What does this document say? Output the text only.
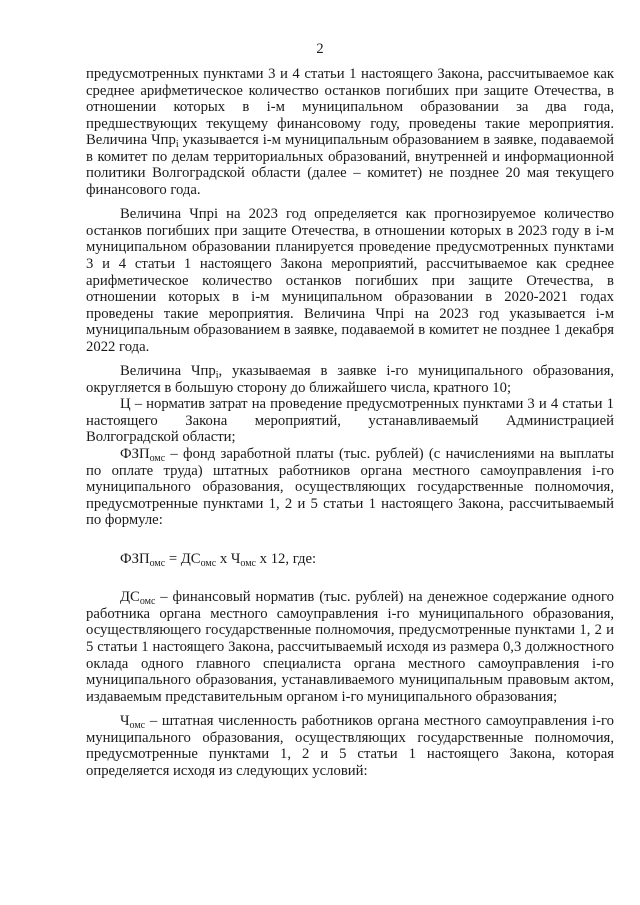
2

предусмотренных пунктами 3 и 4 статьи 1 настоящего Закона, рассчитываемое как среднее арифметическое количество останков погибших при защите Отечества, в отношении которых в i-м муниципальном образовании за два года, предшествующих текущему финансовому году, проведены такие мероприятия. Величина Чпр$_i$ указывается i-м муниципальным образованием в заявке, подаваемой в комитет по делам территориальных образований, внутренней и информационной политики Волгоградской области (далее – комитет) не позднее 20 мая текущего финансового года.

Величина Чпрi на 2023 год определяется как прогнозируемое количество останков погибших при защите Отечества, в отношении которых в 2023 году в i-м муниципальном образовании планируется проведение предусмотренных пунктами 3 и 4 статьи 1 настоящего Закона мероприятий, рассчитываемое как среднее арифметическое количество останков погибших при защите Отечества, в отношении которых в i-м муниципальном образовании в 2020-2021 годах проведены такие мероприятия. Величина Чпрi на 2023 год указывается i-м муниципальным образованием в заявке, подаваемой в комитет не позднее 1 декабря 2022 года.

Величина Чпр$_i$, указываемая в заявке i-го муниципального образования, округляется в большую сторону до ближайшего числа, кратного 10;

Ц – норматив затрат на проведение предусмотренных пунктами 3 и 4 статьи 1 настоящего Закона мероприятий, устанавливаемый Администрацией Волгоградской области;

$ФЗП_{омс}$ – фонд заработной платы (тыс. рублей) (с начислениями на выплаты по оплате труда) штатных работников органа местного самоуправления i-го муниципального образования, осуществляющих государственные полномочия, предусмотренные пунктами 1, 2 и 5 статьи 1 настоящего Закона, рассчитываемый по формуле:

$ФЗП_{омс} = ДС_{омс}$ х $Ч_{омс}$ х 12, где:

$ДС_{омс}$ – финансовый норматив (тыс. рублей) на денежное содержание одного работника органа местного самоуправления i-го муниципального образования, осуществляющего государственные полномочия, предусмотренные пунктами 1, 2 и 5 статьи 1 настоящего Закона, рассчитываемый исходя из размера 0,3 должностного оклада одного главного специалиста органа местного самоуправления i-го муниципального образования, устанавливаемого муниципальным правовым актом, издаваемым представительным органом i-го муниципального образования;

$Ч_{омс}$ – штатная численность работников органа местного самоуправления i-го муниципального образования, осуществляющих государственные полномочия, предусмотренные пунктами 1, 2 и 5 статьи 1 настоящего Закона, которая определяется исходя из следующих условий:
